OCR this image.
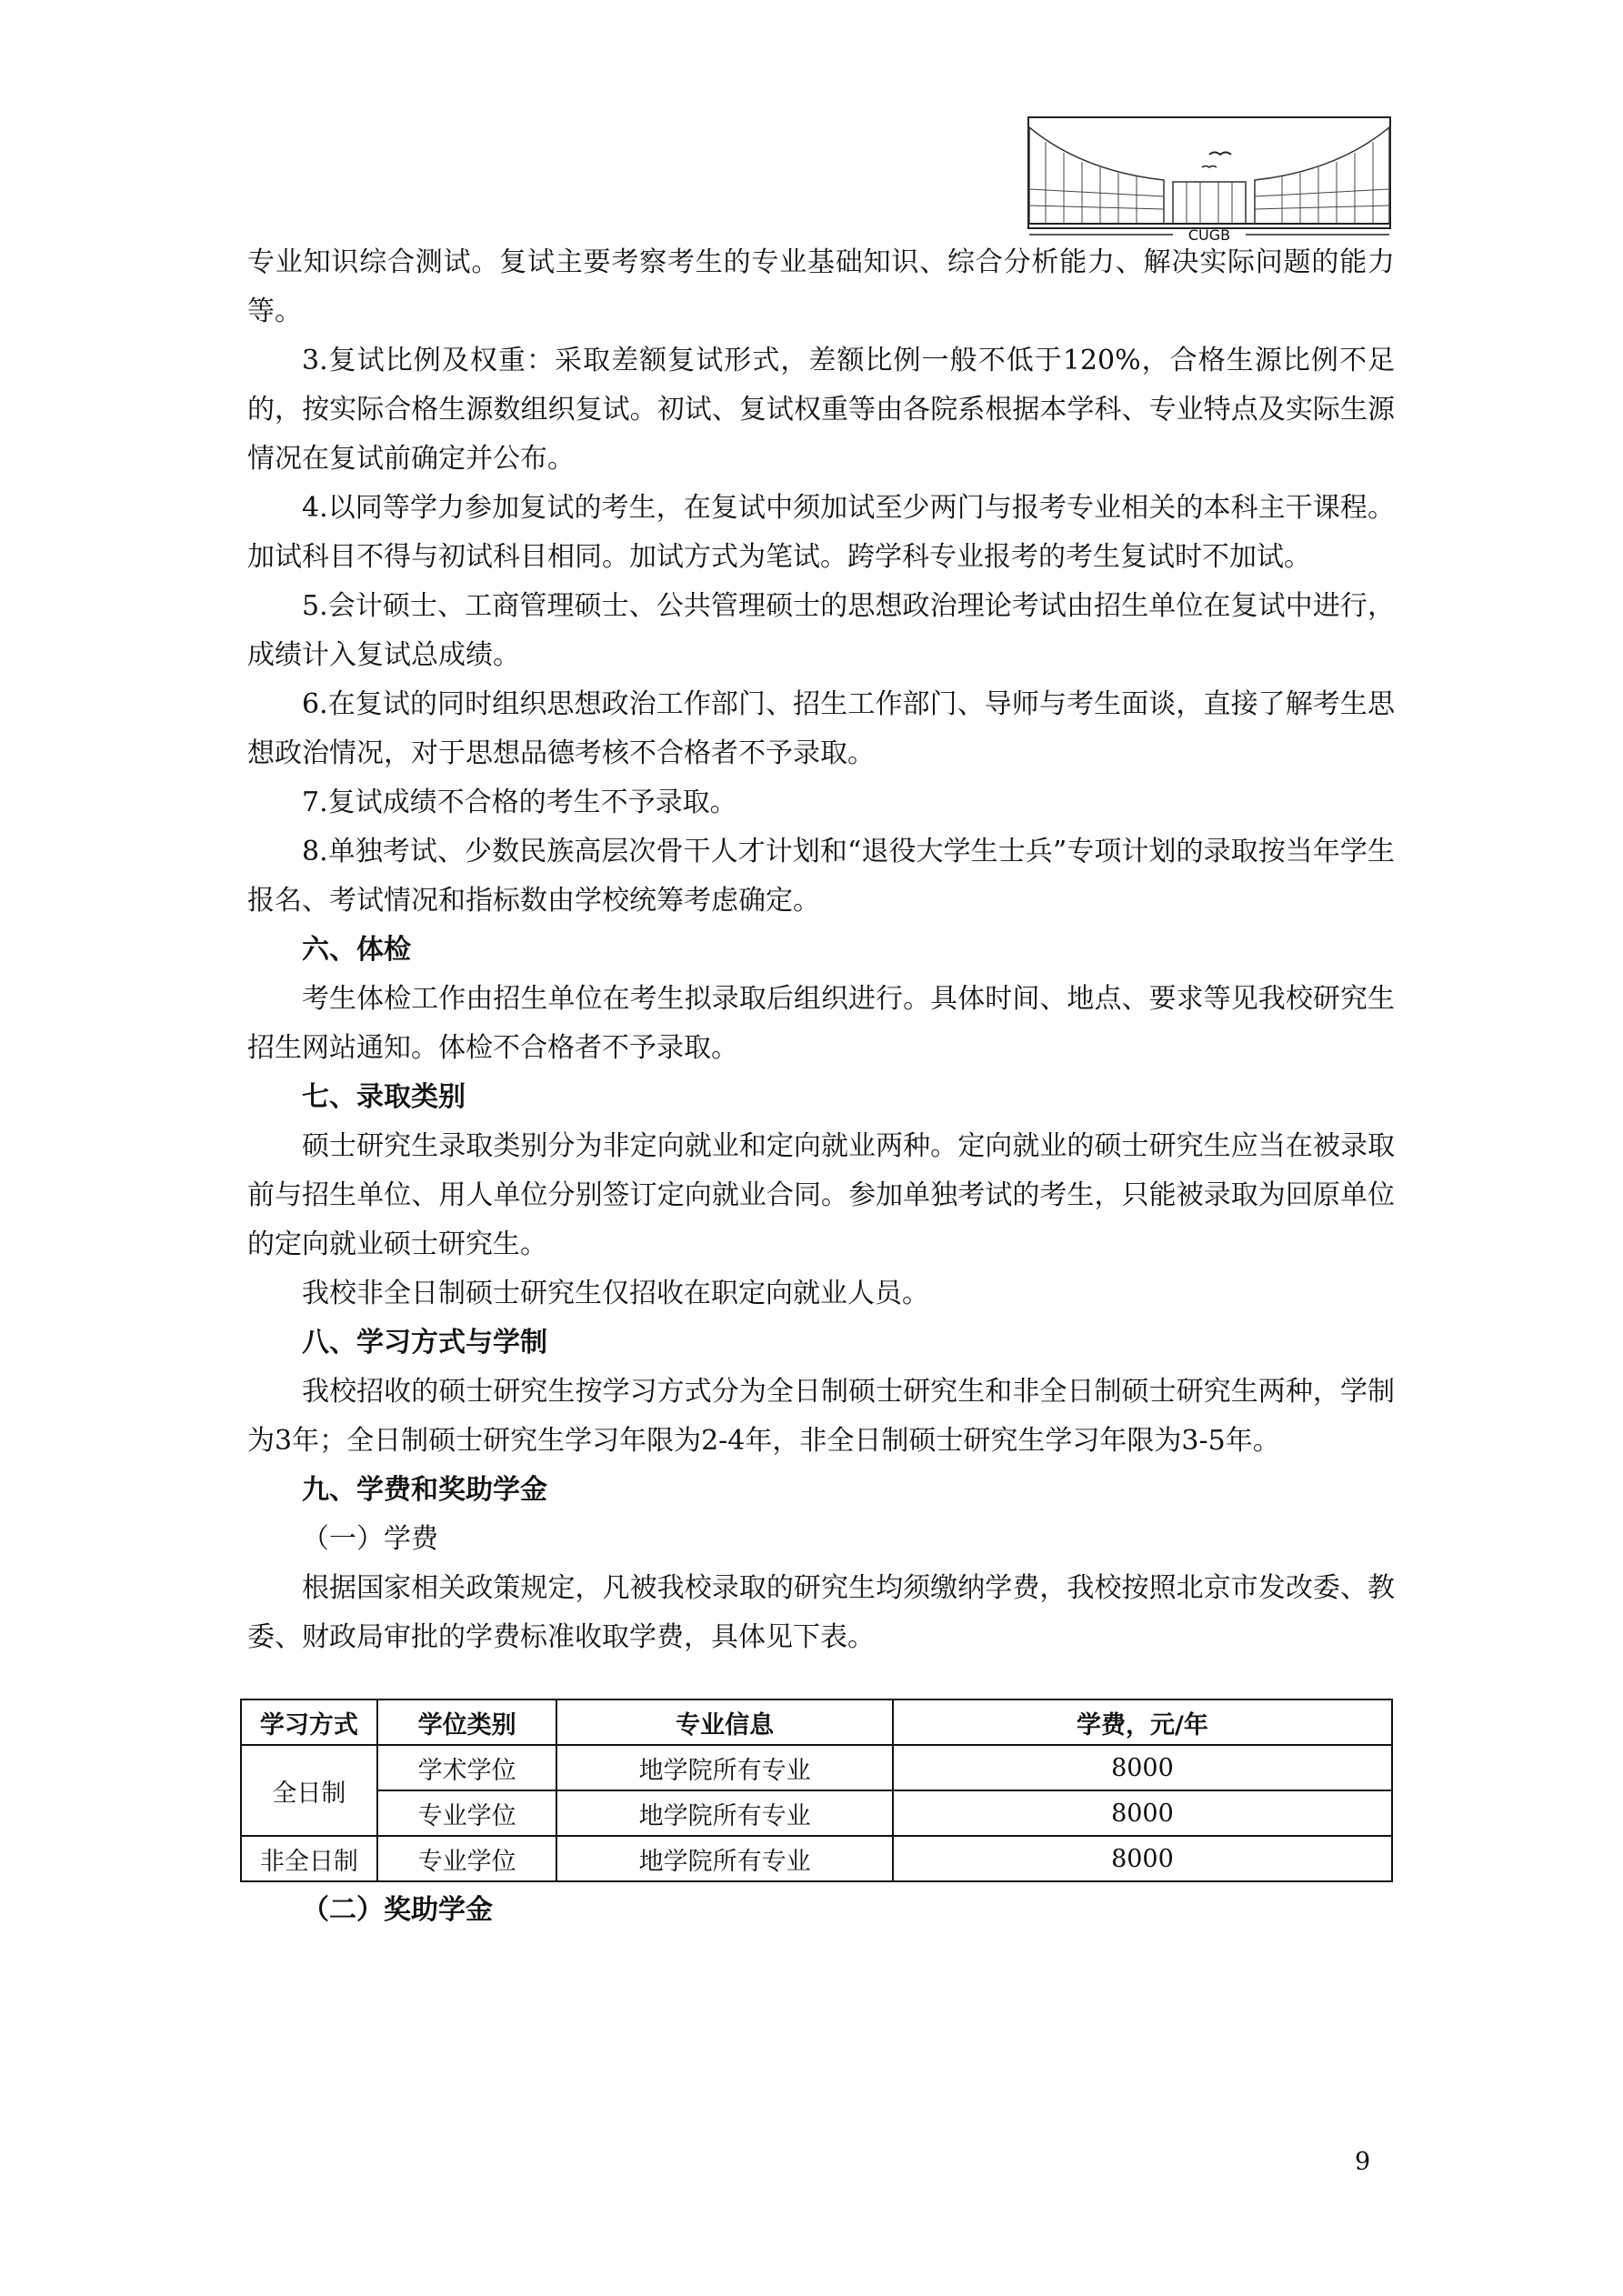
CUGB

专业知识综合测试。复试主要考察考生的专业基础知识、综合分析能力、解决实际问题的能力等。

3.复试比例及权重：采取差额复试形式，差额比例一般不低于120%，合格生源比例不足的，按实际合格生源数组织复试。初试、复试权重等由各院系根据本学科、专业特点及实际生源情况在复试前确定并公布。

4.以同等学力参加复试的考生，在复试中须加试至少两门与报考专业相关的本科主干课程。加试科目不得与初试科目相同。加试方式为笔试。跨学科专业报考的考生复试时不加试。

5.会计硕士、工商管理硕士、公共管理硕士的思想政治理论考试由招生单位在复试中进行，成绩计入复试总成绩。

6.在复试的同时组织思想政治工作部门、招生工作部门、导师与考生面谈，直接了解考生思想政治情况，对于思想品德考核不合格者不予录取。

7.复试成绩不合格的考生不予录取。

8.单独考试、少数民族高层次骨干人才计划和“退役大学生士兵”专项计划的录取按当年学生报名、考试情况和指标数由学校统筹考虑确定。

六、体检

考生体检工作由招生单位在考生拟录取后组织进行。具体时间、地点、要求等见我校研究生招生网站通知。体检不合格者不予录取。

七、录取类别

硕士研究生录取类别分为非定向就业和定向就业两种。定向就业的硕士研究生应当在被录取前与招生单位、用人单位分别签订定向就业合同。参加单独考试的考生，只能被录取为回原单位的定向就业硕士研究生。

我校非全日制硕士研究生仅招收在职定向就业人员。

八、学习方式与学制

我校招收的硕士研究生按学习方式分为全日制硕士研究生和非全日制硕士研究生两种，学制为3年；全日制硕士研究生学习年限为2-4年，非全日制硕士研究生学习年限为3-5年。

九、学费和奖助学金

（一）学费

根据国家相关政策规定，凡被我校录取的研究生均须缴纳学费，我校按照北京市发改委、教委、财政局审批的学费标准收取学费，具体见下表。

学习方式	学位类别	专业信息	学费，元/年
全日制	学术学位	地学院所有专业	8000
	专业学位	地学院所有专业	8000
非全日制	专业学位	地学院所有专业	8000

（二）奖助学金

9
